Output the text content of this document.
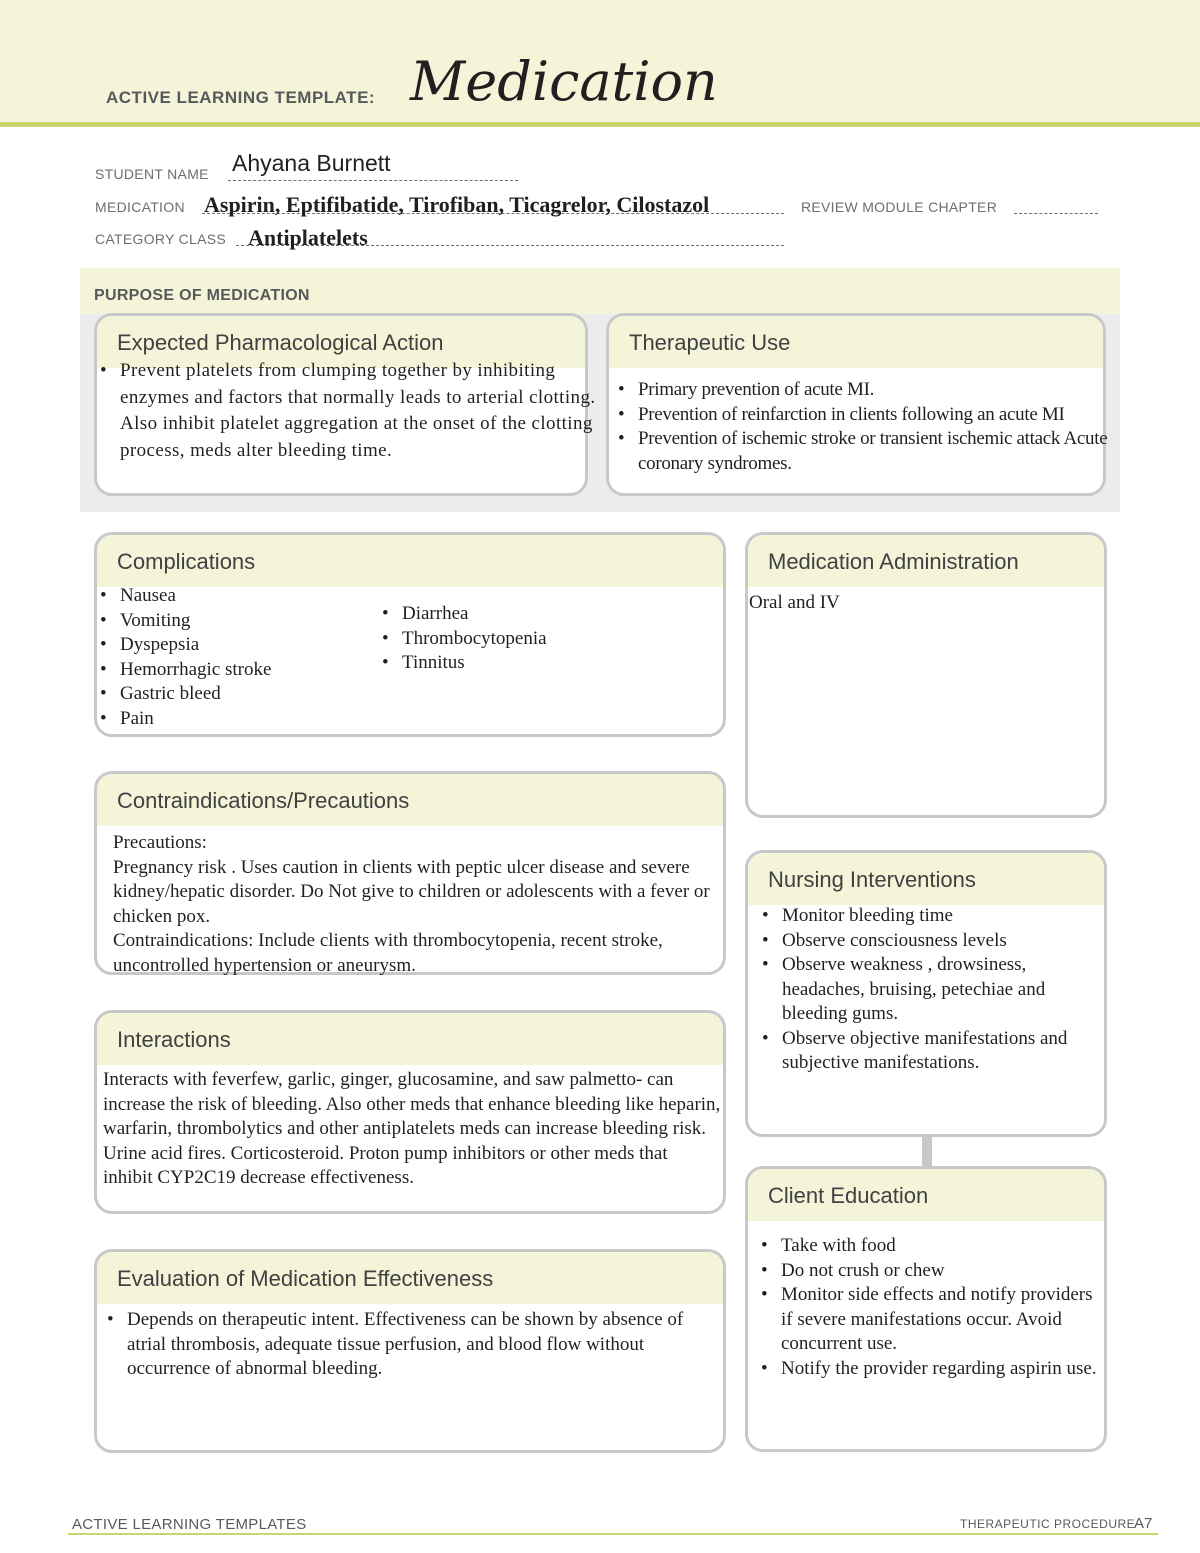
ACTIVE LEARNING TEMPLATE: Medication
STUDENT NAME Ahyana Burnett
MEDICATION Aspirin, Eptifibatide, Tirofiban, Ticagrelor, Cilostazol	REVIEW MODULE CHAPTER
CATEGORY CLASS Antiplatelets
PURPOSE OF MEDICATION
Expected Pharmacological Action
• Prevent platelets from clumping together by inhibiting enzymes and factors that normally leads to arterial clotting. Also inhibit platelet aggregation at the onset of the clotting process, meds alter bleeding time.
Therapeutic Use
• Primary prevention of acute MI.
• Prevention of reinfarction in clients following an acute MI
• Prevention of ischemic stroke or transient ischemic attack Acute coronary syndromes.
Complications
• Nausea
• Vomiting
• Dyspepsia
• Hemorrhagic stroke
• Gastric bleed
• Pain
• Diarrhea
• Thrombocytopenia
• Tinnitus
Medication Administration
Oral and IV
Contraindications/Precautions
Precautions:
Pregnancy risk . Uses caution in clients with peptic ulcer disease and severe kidney/hepatic disorder. Do Not give to children or adolescents with a fever or chicken pox.
Contraindications: Include clients with thrombocytopenia, recent stroke, uncontrolled hypertension or aneurysm.
Nursing Interventions
• Monitor bleeding time
• Observe consciousness levels
• Observe weakness , drowsiness, headaches, bruising, petechiae and bleeding gums.
• Observe objective manifestations and subjective manifestations.
Interactions
Interacts with feverfew, garlic, ginger, glucosamine, and saw palmetto- can increase the risk of bleeding. Also other meds that enhance bleeding like heparin, warfarin, thrombolytics and other antiplatelets meds can increase bleeding risk. Urine acid fires. Corticosteroid. Proton pump inhibitors or other meds that inhibit CYP2C19 decrease effectiveness.
Client Education
• Take with food
• Do not crush or chew
• Monitor side effects and notify providers if severe manifestations occur. Avoid concurrent use.
• Notify the provider regarding aspirin use.
Evaluation of Medication Effectiveness
• Depends on therapeutic intent. Effectiveness can be shown by absence of atrial thrombosis, adequate tissue perfusion, and blood flow without occurrence of abnormal bleeding.
ACTIVE LEARNING TEMPLATES	THERAPEUTIC PROCEDURE
A7
